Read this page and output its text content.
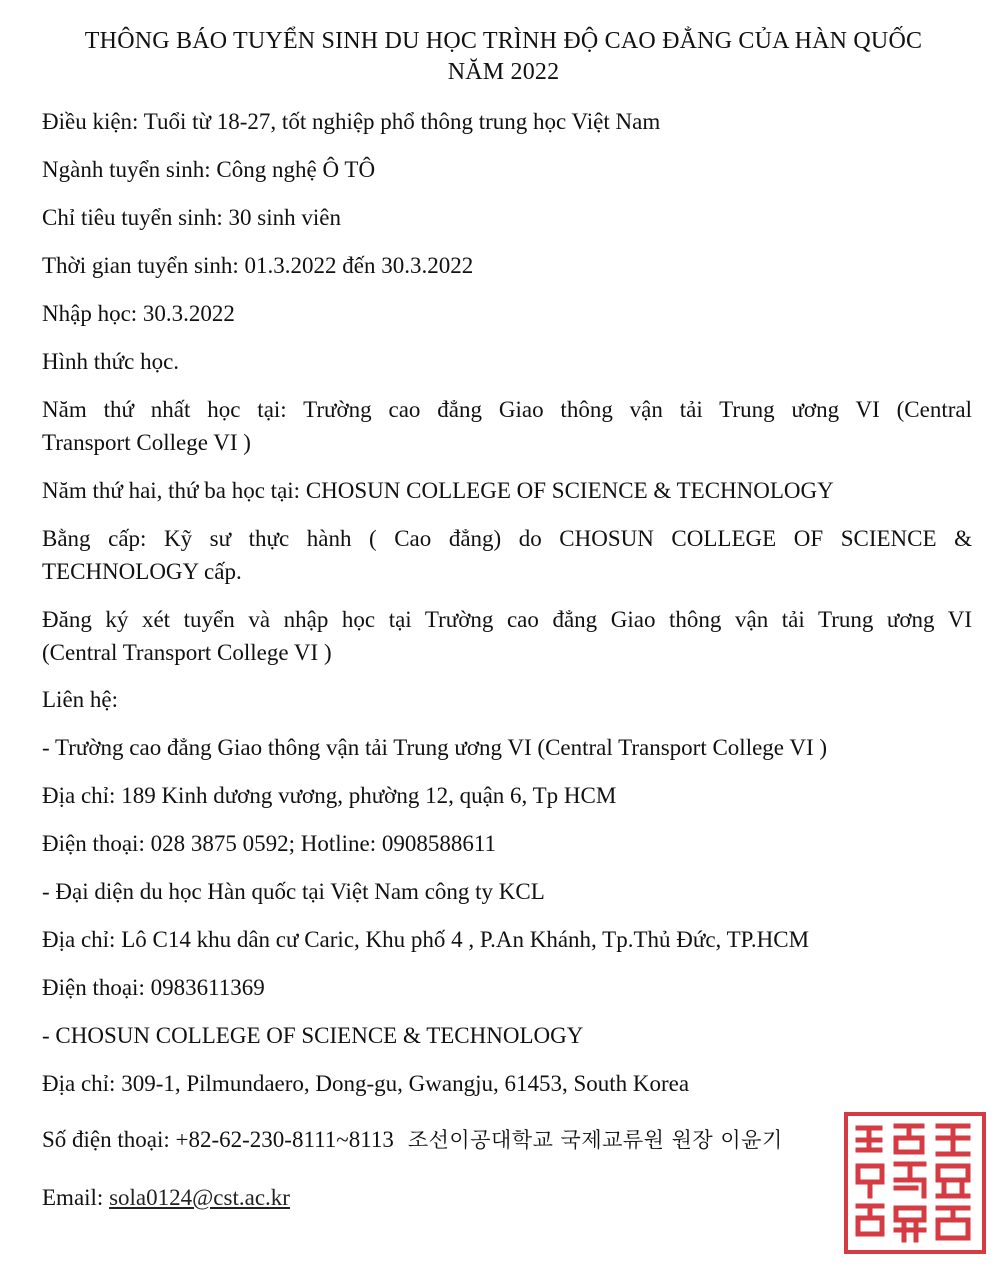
THÔNG BÁO TUYỂN SINH DU HỌC TRÌNH ĐỘ CAO ĐẲNG CỦA HÀN QUỐC
NĂM 2022
Điều kiện: Tuổi từ 18-27, tốt nghiệp phổ thông trung học Việt Nam
Ngành tuyển sinh: Công nghệ Ô TÔ
Chỉ tiêu tuyển sinh: 30 sinh viên
Thời gian tuyển sinh: 01.3.2022 đến 30.3.2022
Nhập học: 30.3.2022
Hình thức học.
Năm thứ nhất học tại: Trường cao đẳng Giao thông vận tải Trung ương VI (Central
Transport College VI )
Năm thứ hai, thứ ba học tại: CHOSUN COLLEGE OF SCIENCE & TECHNOLOGY
Bằng cấp: Kỹ sư thực hành ( Cao đẳng) do CHOSUN COLLEGE OF SCIENCE &
TECHNOLOGY cấp.
Đăng ký xét tuyển và nhập học tại Trường cao đẳng Giao thông vận tải Trung ương VI
(Central Transport College VI )
Liên hệ:
- Trường cao đẳng Giao thông vận tải Trung ương VI (Central Transport College VI )
Địa chỉ: 189 Kinh dương vương, phường 12, quận 6, Tp HCM
Điện thoại: 028 3875 0592; Hotline: 0908588611
- Đại diện du học Hàn quốc tại Việt Nam công ty KCL
Địa chỉ: Lô C14 khu dân cư Caric, Khu phố 4 , P.An Khánh, Tp.Thủ Đức, TP.HCM
Điện thoại: 0983611369
- CHOSUN COLLEGE OF SCIENCE & TECHNOLOGY
Địa chỉ: 309-1, Pilmundaero, Dong-gu, Gwangju, 61453, South Korea
Số điện thoại: +82-62-230-8111~8113 조선이공대학교 국제교류원 원장 이윤기
Email: sola0124@cst.ac.kr
